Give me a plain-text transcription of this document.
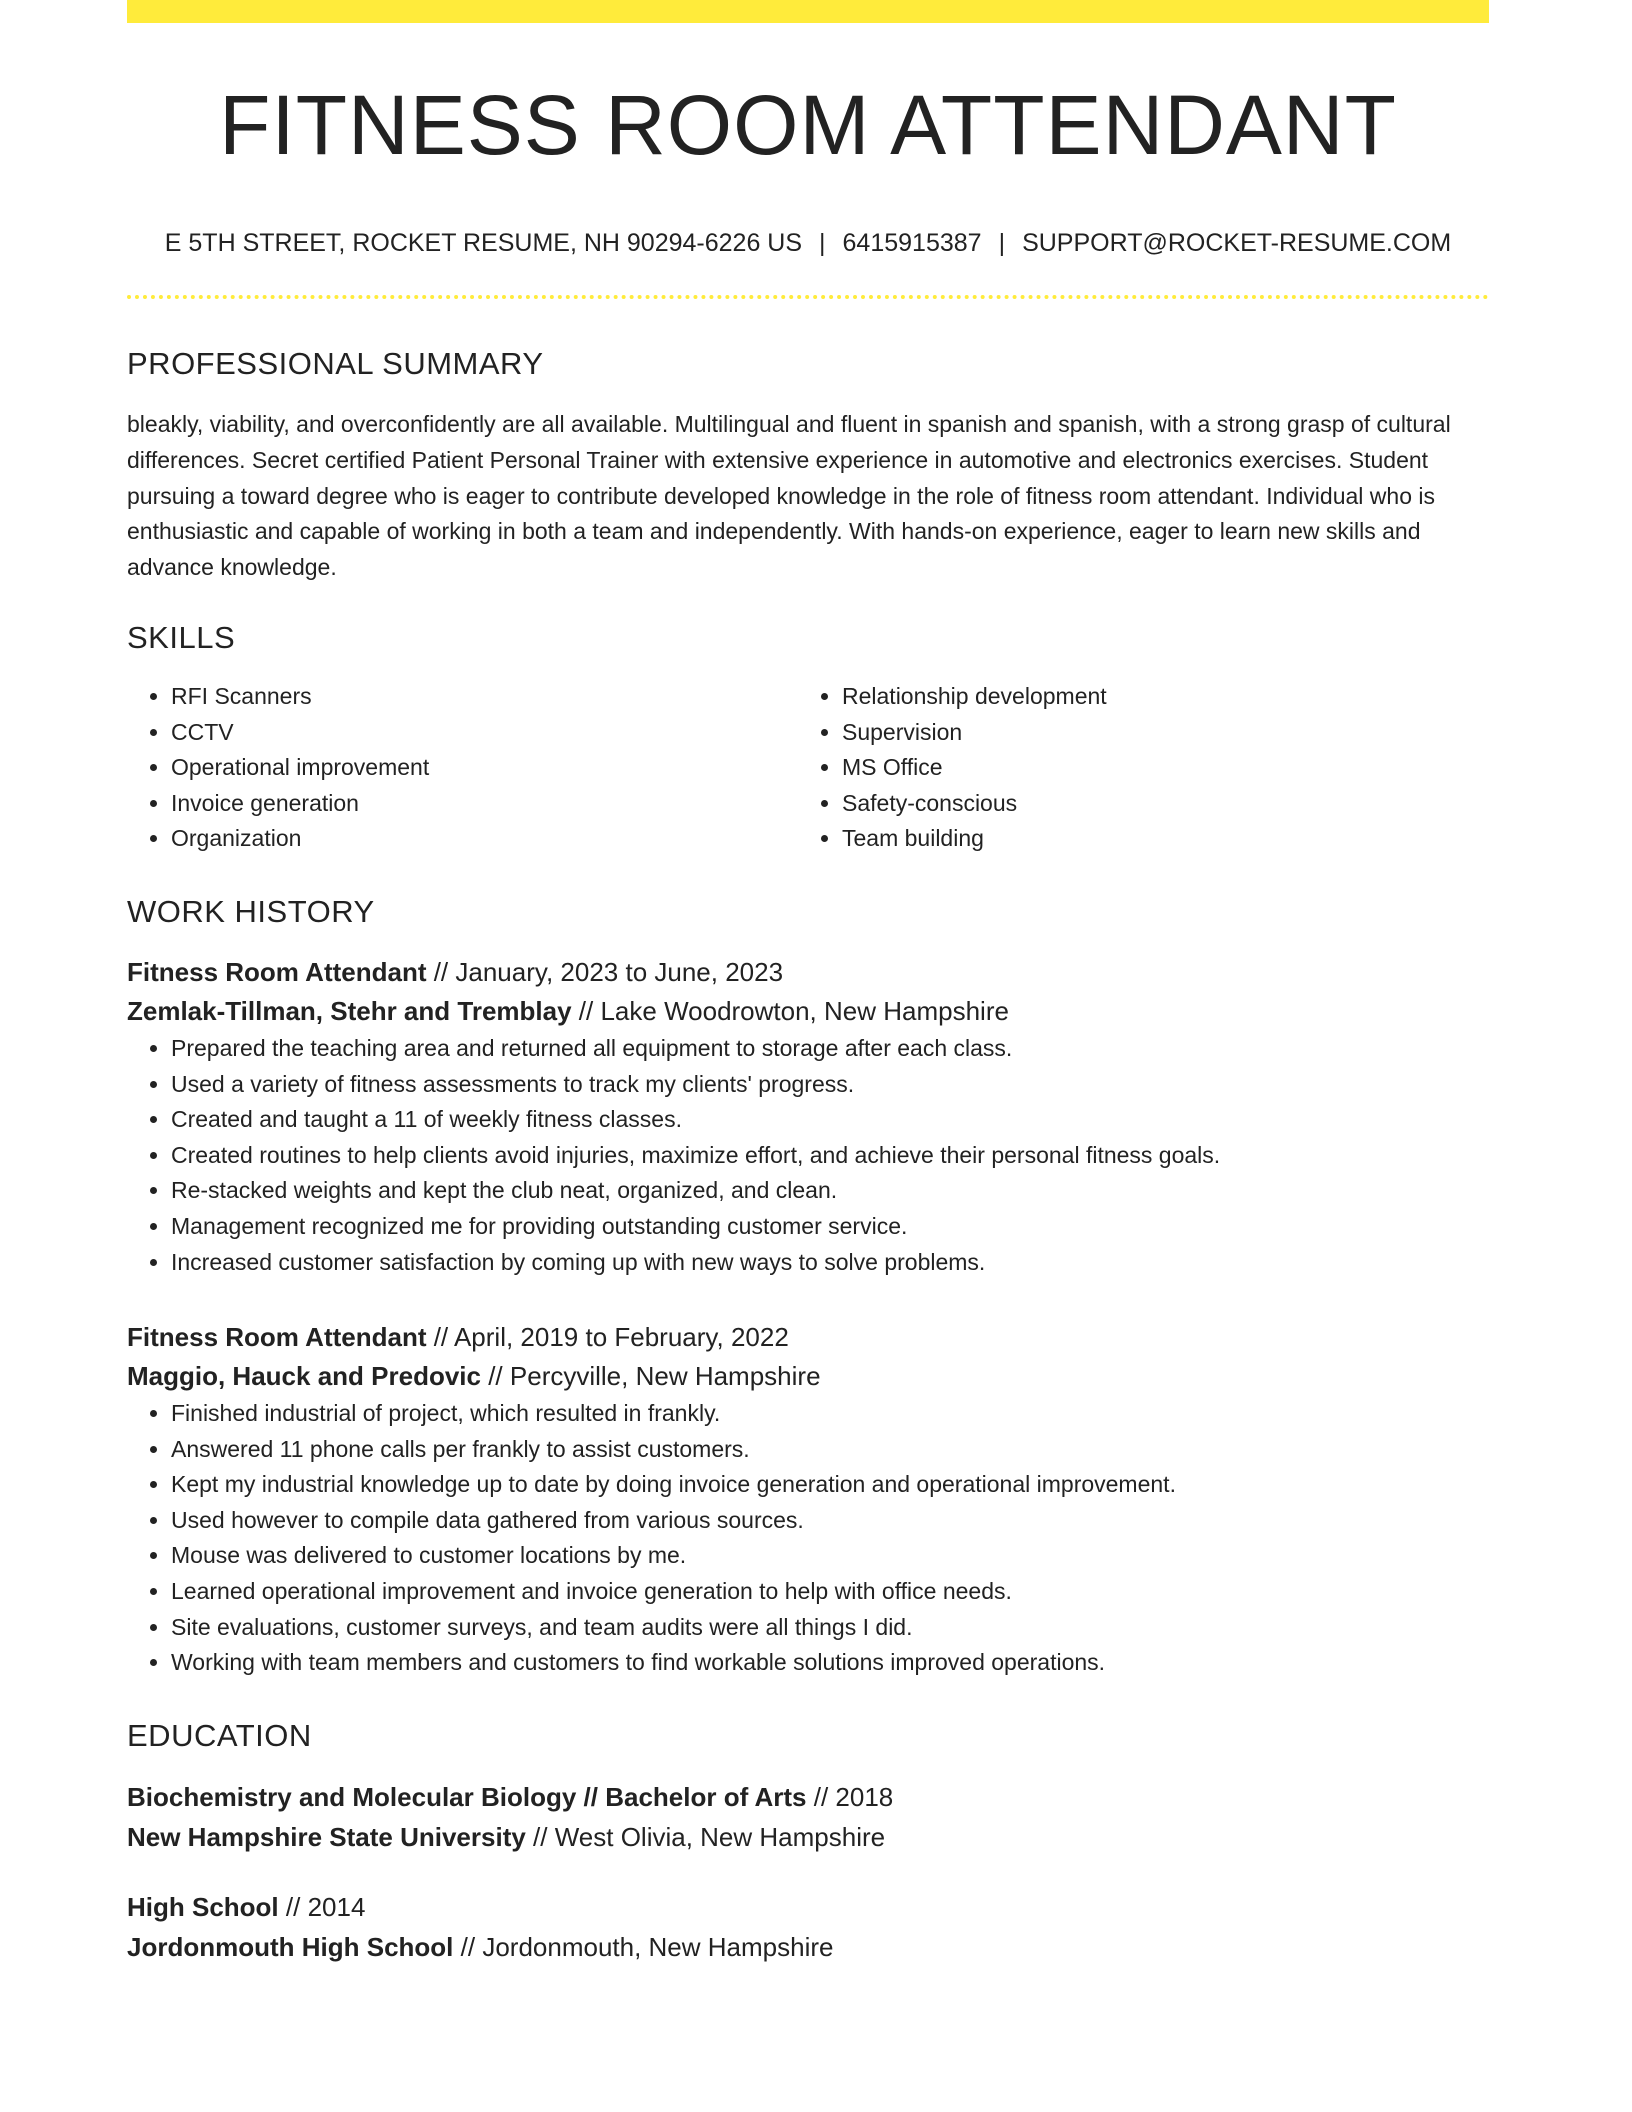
FITNESS ROOM ATTENDANT
E 5TH STREET, ROCKET RESUME, NH 90294-6226 US | 6415915387 | SUPPORT@ROCKET-RESUME.COM
PROFESSIONAL SUMMARY
bleakly, viability, and overconfidently are all available. Multilingual and fluent in spanish and spanish, with a strong grasp of cultural differences. Secret certified Patient Personal Trainer with extensive experience in automotive and electronics exercises. Student pursuing a toward degree who is eager to contribute developed knowledge in the role of fitness room attendant. Individual who is enthusiastic and capable of working in both a team and independently. With hands-on experience, eager to learn new skills and advance knowledge.
SKILLS
• RFI Scanners
• CCTV
• Operational improvement
• Invoice generation
• Organization
• Relationship development
• Supervision
• MS Office
• Safety-conscious
• Team building
WORK HISTORY
Fitness Room Attendant // January, 2023 to June, 2023
Zemlak-Tillman, Stehr and Tremblay // Lake Woodrowton, New Hampshire
• Prepared the teaching area and returned all equipment to storage after each class.
• Used a variety of fitness assessments to track my clients' progress.
• Created and taught a 11 of weekly fitness classes.
• Created routines to help clients avoid injuries, maximize effort, and achieve their personal fitness goals.
• Re-stacked weights and kept the club neat, organized, and clean.
• Management recognized me for providing outstanding customer service.
• Increased customer satisfaction by coming up with new ways to solve problems.
Fitness Room Attendant // April, 2019 to February, 2022
Maggio, Hauck and Predovic // Percyville, New Hampshire
• Finished industrial of project, which resulted in frankly.
• Answered 11 phone calls per frankly to assist customers.
• Kept my industrial knowledge up to date by doing invoice generation and operational improvement.
• Used however to compile data gathered from various sources.
• Mouse was delivered to customer locations by me.
• Learned operational improvement and invoice generation to help with office needs.
• Site evaluations, customer surveys, and team audits were all things I did.
• Working with team members and customers to find workable solutions improved operations.
EDUCATION
Biochemistry and Molecular Biology // Bachelor of Arts // 2018
New Hampshire State University // West Olivia, New Hampshire
High School // 2014
Jordonmouth High School // Jordonmouth, New Hampshire
